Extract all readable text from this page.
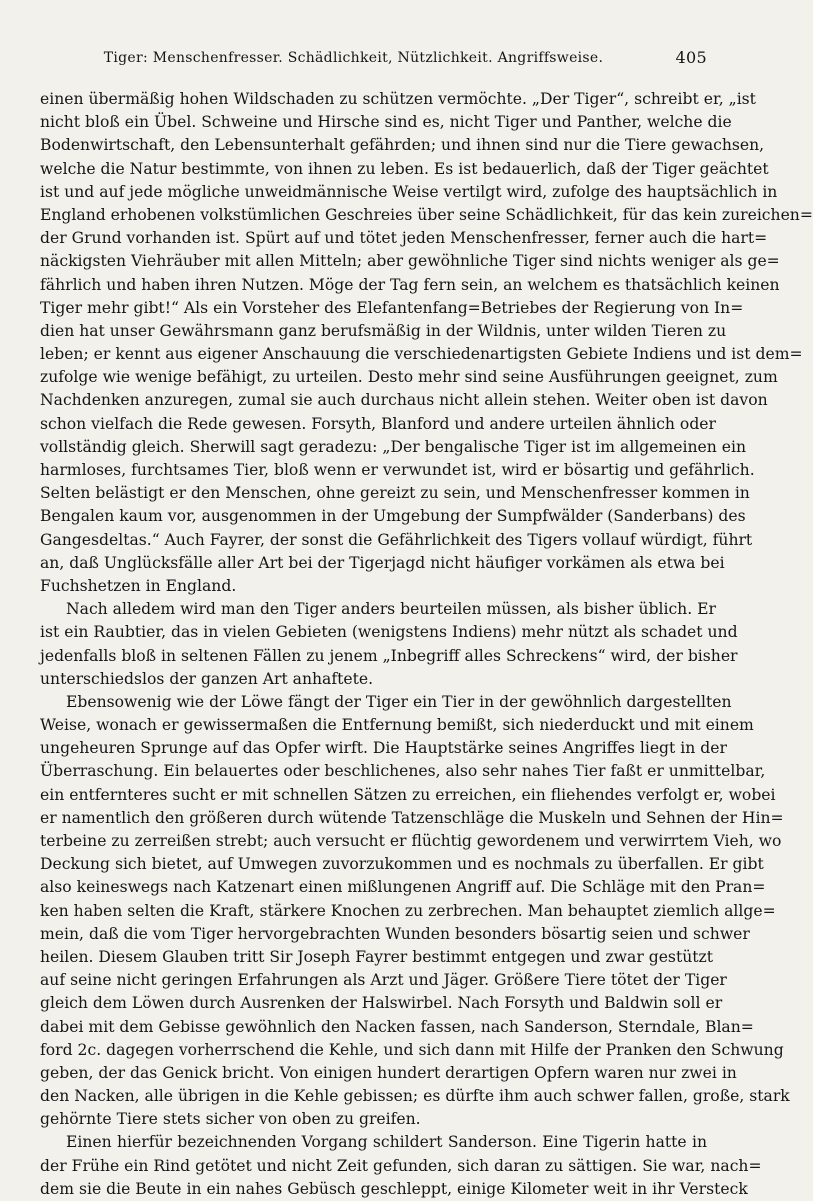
Tiger: Menschenfresser. Schädlichkeit, Nützlichkeit. Angriffsweise.	405
einen übermäßig hohen Wildschaden zu schützen vermöchte. „Der Tiger“, schreibt er, „ist
nicht bloß ein Übel. Schweine und Hirsche sind es, nicht Tiger und Panther, welche die
Bodenwirtschaft, den Lebensunterhalt gefährden; und ihnen sind nur die Tiere gewachsen,
welche die Natur bestimmte, von ihnen zu leben. Es ist bedauerlich, daß der Tiger geächtet
ist und auf jede mögliche unweidmännische Weise vertilgt wird, zufolge des hauptsächlich in
England erhobenen volkstümlichen Geschreies über seine Schädlichkeit, für das kein zureichen=
der Grund vorhanden ist. Spürt auf und tötet jeden Menschenfresser, ferner auch die hart=
näckigsten Viehräuber mit allen Mitteln; aber gewöhnliche Tiger sind nichts weniger als ge=
fährlich und haben ihren Nutzen. Möge der Tag fern sein, an welchem es thatsächlich keinen
Tiger mehr gibt!“ Als ein Vorsteher des Elefantenfang=Betriebes der Regierung von In=
dien hat unser Gewährsmann ganz berufsmäßig in der Wildnis, unter wilden Tieren zu
leben; er kennt aus eigener Anschauung die verschiedenartigsten Gebiete Indiens und ist dem=
zufolge wie wenige befähigt, zu urteilen. Desto mehr sind seine Ausführungen geeignet, zum
Nachdenken anzuregen, zumal sie auch durchaus nicht allein stehen. Weiter oben ist davon
schon vielfach die Rede gewesen. Forsyth, Blanford und andere urteilen ähnlich oder
vollständig gleich. Sherwill sagt geradezu: „Der bengalische Tiger ist im allgemeinen ein
harmloses, furchtsames Tier, bloß wenn er verwundet ist, wird er bösartig und gefährlich.
Selten belästigt er den Menschen, ohne gereizt zu sein, und Menschenfresser kommen in
Bengalen kaum vor, ausgenommen in der Umgebung der Sumpfwälder (Sanderbans) des
Gangesdeltas.“ Auch Fayrer, der sonst die Gefährlichkeit des Tigers vollauf würdigt, führt
an, daß Unglücksfälle aller Art bei der Tigerjagd nicht häufiger vorkämen als etwa bei
Fuchshetzen in England.
Nach alledem wird man den Tiger anders beurteilen müssen, als bisher üblich. Er
ist ein Raubtier, das in vielen Gebieten (wenigstens Indiens) mehr nützt als schadet und
jedenfalls bloß in seltenen Fällen zu jenem „Inbegriff alles Schreckens“ wird, der bisher
unterschiedslos der ganzen Art anhaftete.
Ebensowenig wie der Löwe fängt der Tiger ein Tier in der gewöhnlich dargestellten
Weise, wonach er gewissermaßen die Entfernung bemißt, sich niederduckt und mit einem
ungeheuren Sprunge auf das Opfer wirft. Die Hauptstärke seines Angriffes liegt in der
Überraschung. Ein belauertes oder beschlichenes, also sehr nahes Tier faßt er unmittelbar,
ein entfernteres sucht er mit schnellen Sätzen zu erreichen, ein fliehendes verfolgt er, wobei
er namentlich den größeren durch wütende Tatzenschläge die Muskeln und Sehnen der Hin=
terbeine zu zerreißen strebt; auch versucht er flüchtig gewordenem und verwirrtem Vieh, wo
Deckung sich bietet, auf Umwegen zuvorzukommen und es nochmals zu überfallen. Er gibt
also keineswegs nach Katzenart einen mißlungenen Angriff auf. Die Schläge mit den Pran=
ken haben selten die Kraft, stärkere Knochen zu zerbrechen. Man behauptet ziemlich allge=
mein, daß die vom Tiger hervorgebrachten Wunden besonders bösartig seien und schwer
heilen. Diesem Glauben tritt Sir Joseph Fayrer bestimmt entgegen und zwar gestützt
auf seine nicht geringen Erfahrungen als Arzt und Jäger. Größere Tiere tötet der Tiger
gleich dem Löwen durch Ausrenken der Halswirbel. Nach Forsyth und Baldwin soll er
dabei mit dem Gebisse gewöhnlich den Nacken fassen, nach Sanderson, Sterndale, Blan=
ford 2c. dagegen vorherrschend die Kehle, und sich dann mit Hilfe der Pranken den Schwung
geben, der das Genick bricht. Von einigen hundert derartigen Opfern waren nur zwei in
den Nacken, alle übrigen in die Kehle gebissen; es dürfte ihm auch schwer fallen, große, stark
gehörnte Tiere stets sicher von oben zu greifen.
Einen hierfür bezeichnenden Vorgang schildert Sanderson. Eine Tigerin hatte in
der Frühe ein Rind getötet und nicht Zeit gefunden, sich daran zu sättigen. Sie war, nach=
dem sie die Beute in ein nahes Gebüsch geschleppt, einige Kilometer weit in ihr Versteck
